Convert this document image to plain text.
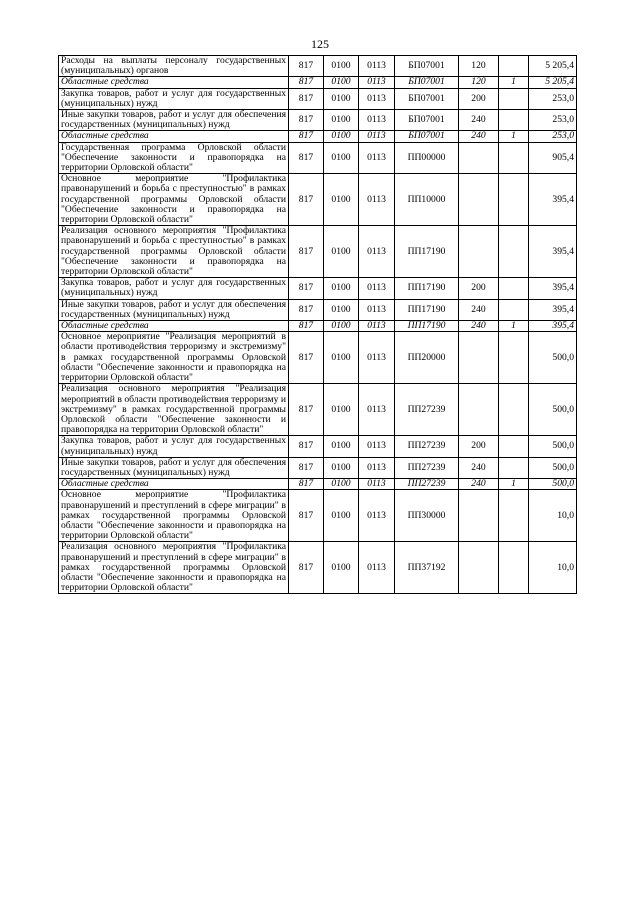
125
Расходы на выплаты персоналу государственных (муниципальных) органов	817	0100	0113	БП07001	120		5 205,4
Областные средства	817	0100	0113	БП07001	120	1	5 205,4
Закупка товаров, работ и услуг для государственных (муниципальных) нужд	817	0100	0113	БП07001	200		253,0
Иные закупки товаров, работ и услуг для обеспечения государственных (муниципальных) нужд	817	0100	0113	БП07001	240		253,0
Областные средства	817	0100	0113	БП07001	240	1	253,0
Государственная программа Орловской области "Обеспечение законности и правопорядка на территории Орловской области"	817	0100	0113	ПП00000			905,4
Основное мероприятие "Профилактика правонарушений и борьба с преступностью" в рамках государственной программы Орловской области "Обеспечение законности и правопорядка на территории Орловской области"	817	0100	0113	ПП10000			395,4
Реализация основного мероприятия "Профилактика правонарушений и борьба с преступностью" в рамках государственной программы Орловской области "Обеспечение законности и правопорядка на территории Орловской области"	817	0100	0113	ПП17190			395,4
Закупка товаров, работ и услуг для государственных (муниципальных) нужд	817	0100	0113	ПП17190	200		395,4
Иные закупки товаров, работ и услуг для обеспечения государственных (муниципальных) нужд	817	0100	0113	ПП17190	240		395,4
Областные средства	817	0100	0113	ПП17190	240	1	395,4
Основное мероприятие "Реализация мероприятий в области противодействия терроризму и экстремизму" в рамках государственной программы Орловской области "Обеспечение законности и правопорядка на территории Орловской области"	817	0100	0113	ПП20000			500,0
Реализация основного мероприятия "Реализация мероприятий в области противодействия терроризму и экстремизму" в рамках государственной программы Орловской области "Обеспечение законности и правопорядка на территории Орловской области"	817	0100	0113	ПП27239			500,0
Закупка товаров, работ и услуг для государственных (муниципальных) нужд	817	0100	0113	ПП27239	200		500,0
Иные закупки товаров, работ и услуг для обеспечения государственных (муниципальных) нужд	817	0100	0113	ПП27239	240		500,0
Областные средства	817	0100	0113	ПП27239	240	1	500,0
Основное мероприятие "Профилактика правонарушений и преступлений в сфере миграции" в рамках государственной программы Орловской области "Обеспечение законности и правопорядка на территории Орловской области"	817	0100	0113	ПП30000			10,0
Реализация основного мероприятия "Профилактика правонарушений и преступлений в сфере миграции" в рамках государственной программы Орловской области "Обеспечение законности и правопорядка на территории Орловской области"	817	0100	0113	ПП37192			10,0
